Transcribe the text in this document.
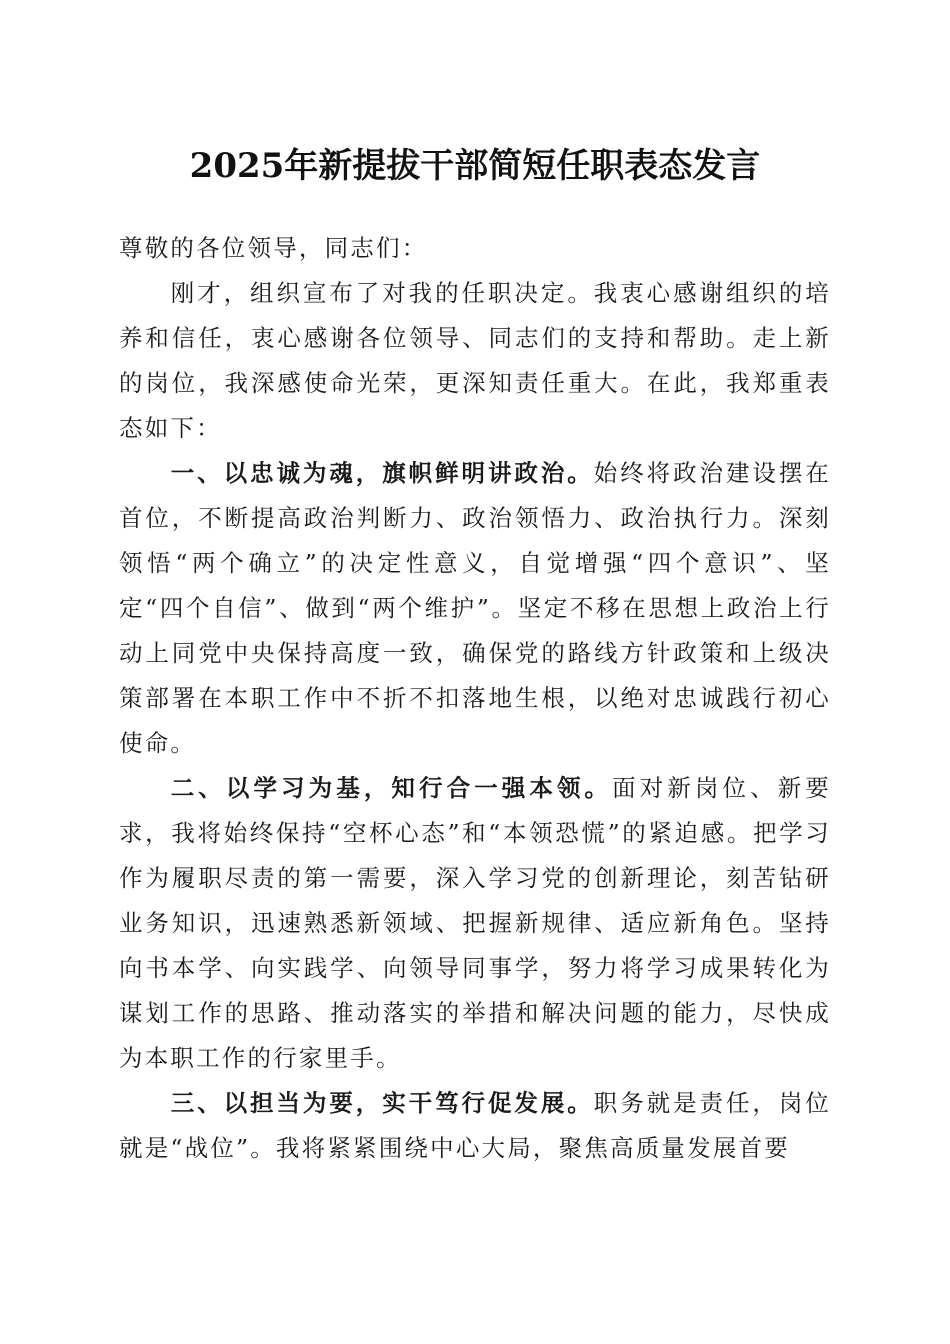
2025年新提拔干部简短任职表态发言

尊敬的各位领导，同志们：

刚才，组织宣布了对我的任职决定。我衷心感谢组织的培养和信任，衷心感谢各位领导、同志们的支持和帮助。走上新的岗位，我深感使命光荣，更深知责任重大。在此，我郑重表态如下：

一、以忠诚为魂，旗帜鲜明讲政治。始终将政治建设摆在首位，不断提高政治判断力、政治领悟力、政治执行力。深刻领悟“两个确立”的决定性意义，自觉增强“四个意识”、坚定“四个自信”、做到“两个维护”。坚定不移在思想上政治上行动上同党中央保持高度一致，确保党的路线方针政策和上级决策部署在本职工作中不折不扣落地生根，以绝对忠诚践行初心使命。

二、以学习为基，知行合一强本领。面对新岗位、新要求，我将始终保持“空杯心态”和“本领恐慌”的紧迫感。把学习作为履职尽责的第一需要，深入学习党的创新理论，刻苦钻研业务知识，迅速熟悉新领域、把握新规律、适应新角色。坚持向书本学、向实践学、向领导同事学，努力将学习成果转化为谋划工作的思路、推动落实的举措和解决问题的能力，尽快成为本职工作的行家里手。

三、以担当为要，实干笃行促发展。职务就是责任，岗位就是“战位”。我将紧紧围绕中心大局，聚焦高质量发展首要
